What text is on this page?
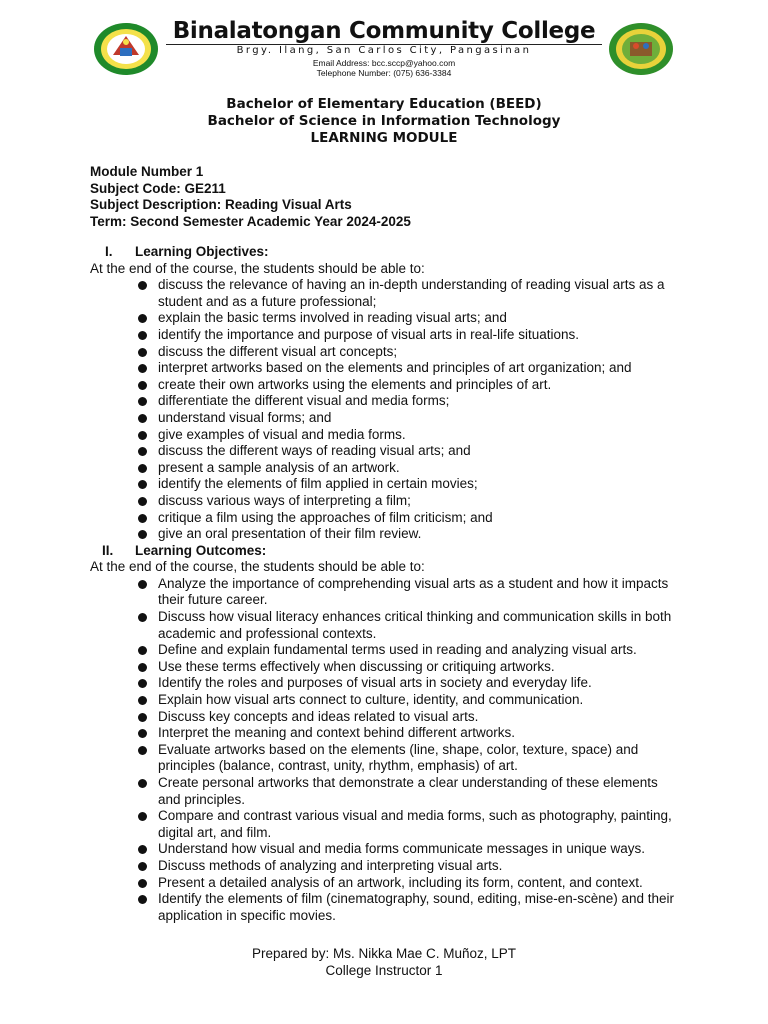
Binalatongan Community College
Brgy. Ilang, San Carlos City, Pangasinan
Email Address: bcc.sccp@yahoo.com
Telephone Number: (075) 636-3384
Bachelor of Elementary Education (BEED)
Bachelor of Science in Information Technology
LEARNING MODULE
Module Number 1
Subject Code: GE211
Subject Description: Reading Visual Arts
Term: Second Semester Academic Year 2024-2025
I. Learning Objectives:
At the end of the course, the students should be able to:
discuss the relevance of having an in-depth understanding of reading visual arts as a student and as a future professional;
explain the basic terms involved in reading visual arts; and
identify the importance and purpose of visual arts in real-life situations.
discuss the different visual art concepts;
interpret artworks based on the elements and principles of art organization; and
create their own artworks using the elements and principles of art.
differentiate the different visual and media forms;
understand visual forms; and
give examples of visual and media forms.
discuss the different ways of reading visual arts; and
present a sample analysis of an artwork.
identify the elements of film applied in certain movies;
discuss various ways of interpreting a film;
critique a film using the approaches of film criticism; and
give an oral presentation of their film review.
II. Learning Outcomes:
At the end of the course, the students should be able to:
Analyze the importance of comprehending visual arts as a student and how it impacts their future career.
Discuss how visual literacy enhances critical thinking and communication skills in both academic and professional contexts.
Define and explain fundamental terms used in reading and analyzing visual arts.
Use these terms effectively when discussing or critiquing artworks.
Identify the roles and purposes of visual arts in society and everyday life.
Explain how visual arts connect to culture, identity, and communication.
Discuss key concepts and ideas related to visual arts.
Interpret the meaning and context behind different artworks.
Evaluate artworks based on the elements (line, shape, color, texture, space) and principles (balance, contrast, unity, rhythm, emphasis) of art.
Create personal artworks that demonstrate a clear understanding of these elements and principles.
Compare and contrast various visual and media forms, such as photography, painting, digital art, and film.
Understand how visual and media forms communicate messages in unique ways.
Discuss methods of analyzing and interpreting visual arts.
Present a detailed analysis of an artwork, including its form, content, and context.
Identify the elements of film (cinematography, sound, editing, mise-en-scène) and their application in specific movies.
Prepared by: Ms. Nikka Mae C. Muñoz, LPT
College Instructor 1
